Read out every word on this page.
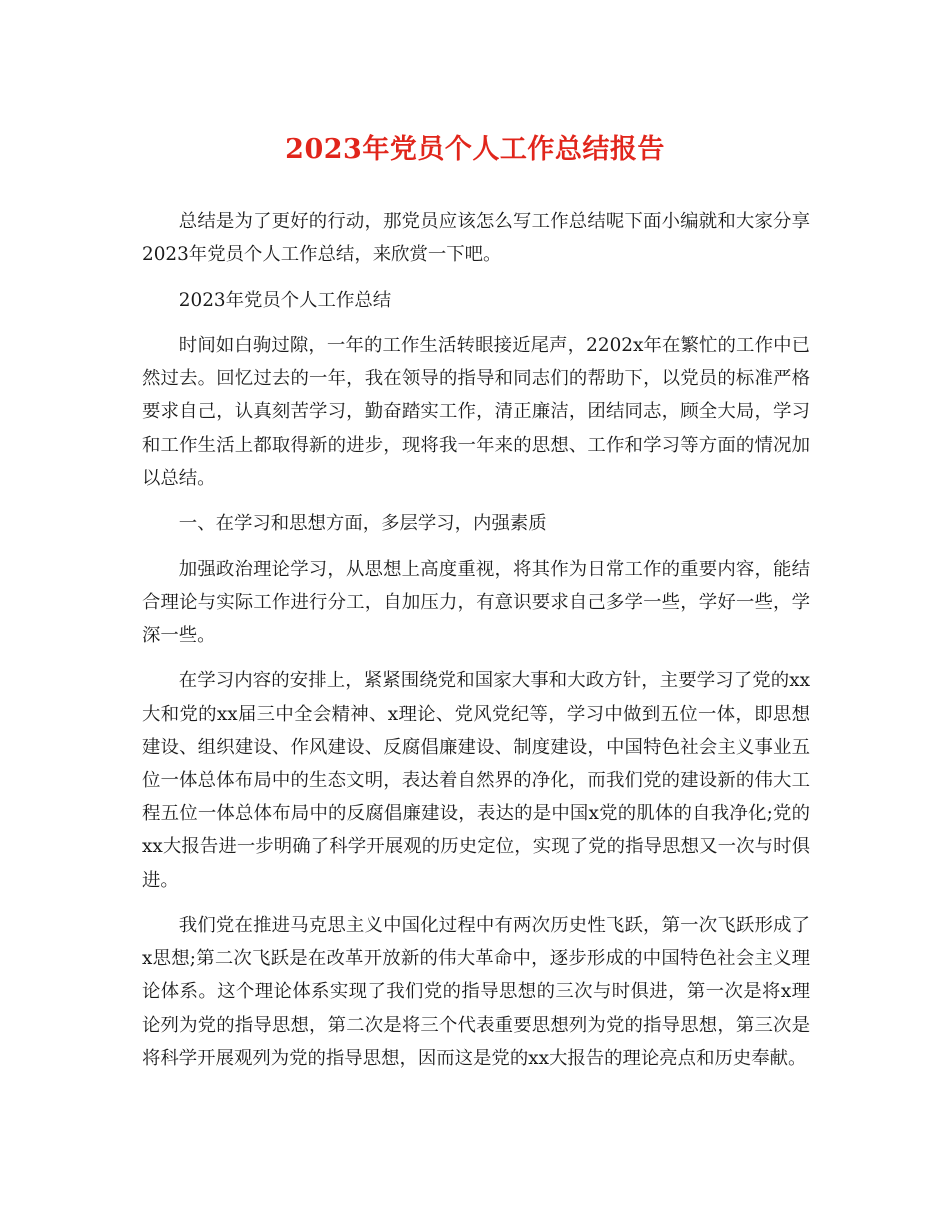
2023年党员个人工作总结报告

总结是为了更好的行动，那党员应该怎么写工作总结呢下面小编就和大家分享2023年党员个人工作总结，来欣赏一下吧。

2023年党员个人工作总结

时间如白驹过隙，一年的工作生活转眼接近尾声，2202x年在繁忙的工作中已然过去。回忆过去的一年，我在领导的指导和同志们的帮助下，以党员的标准严格要求自己，认真刻苦学习，勤奋踏实工作，清正廉洁，团结同志，顾全大局，学习和工作生活上都取得新的进步，现将我一年来的思想、工作和学习等方面的情况加以总结。

一、在学习和思想方面，多层学习，内强素质

加强政治理论学习，从思想上高度重视，将其作为日常工作的重要内容，能结合理论与实际工作进行分工，自加压力，有意识要求自己多学一些，学好一些，学深一些。

在学习内容的安排上，紧紧围绕党和国家大事和大政方针，主要学习了党的xx大和党的xx届三中全会精神、x理论、党风党纪等，学习中做到五位一体，即思想建设、组织建设、作风建设、反腐倡廉建设、制度建设，中国特色社会主义事业五位一体总体布局中的生态文明，表达着自然界的净化，而我们党的建设新的伟大工程五位一体总体布局中的反腐倡廉建设，表达的是中国x党的肌体的自我净化;党的xx大报告进一步明确了科学开展观的历史定位，实现了党的指导思想又一次与时俱进。

我们党在推进马克思主义中国化过程中有两次历史性飞跃，第一次飞跃形成了x思想;第二次飞跃是在改革开放新的伟大革命中，逐步形成的中国特色社会主义理论体系。这个理论体系实现了我们党的指导思想的三次与时俱进，第一次是将x理论列为党的指导思想，第二次是将三个代表重要思想列为党的指导思想，第三次是将科学开展观列为党的指导思想，因而这是党的xx大报告的理论亮点和历史奉献。
